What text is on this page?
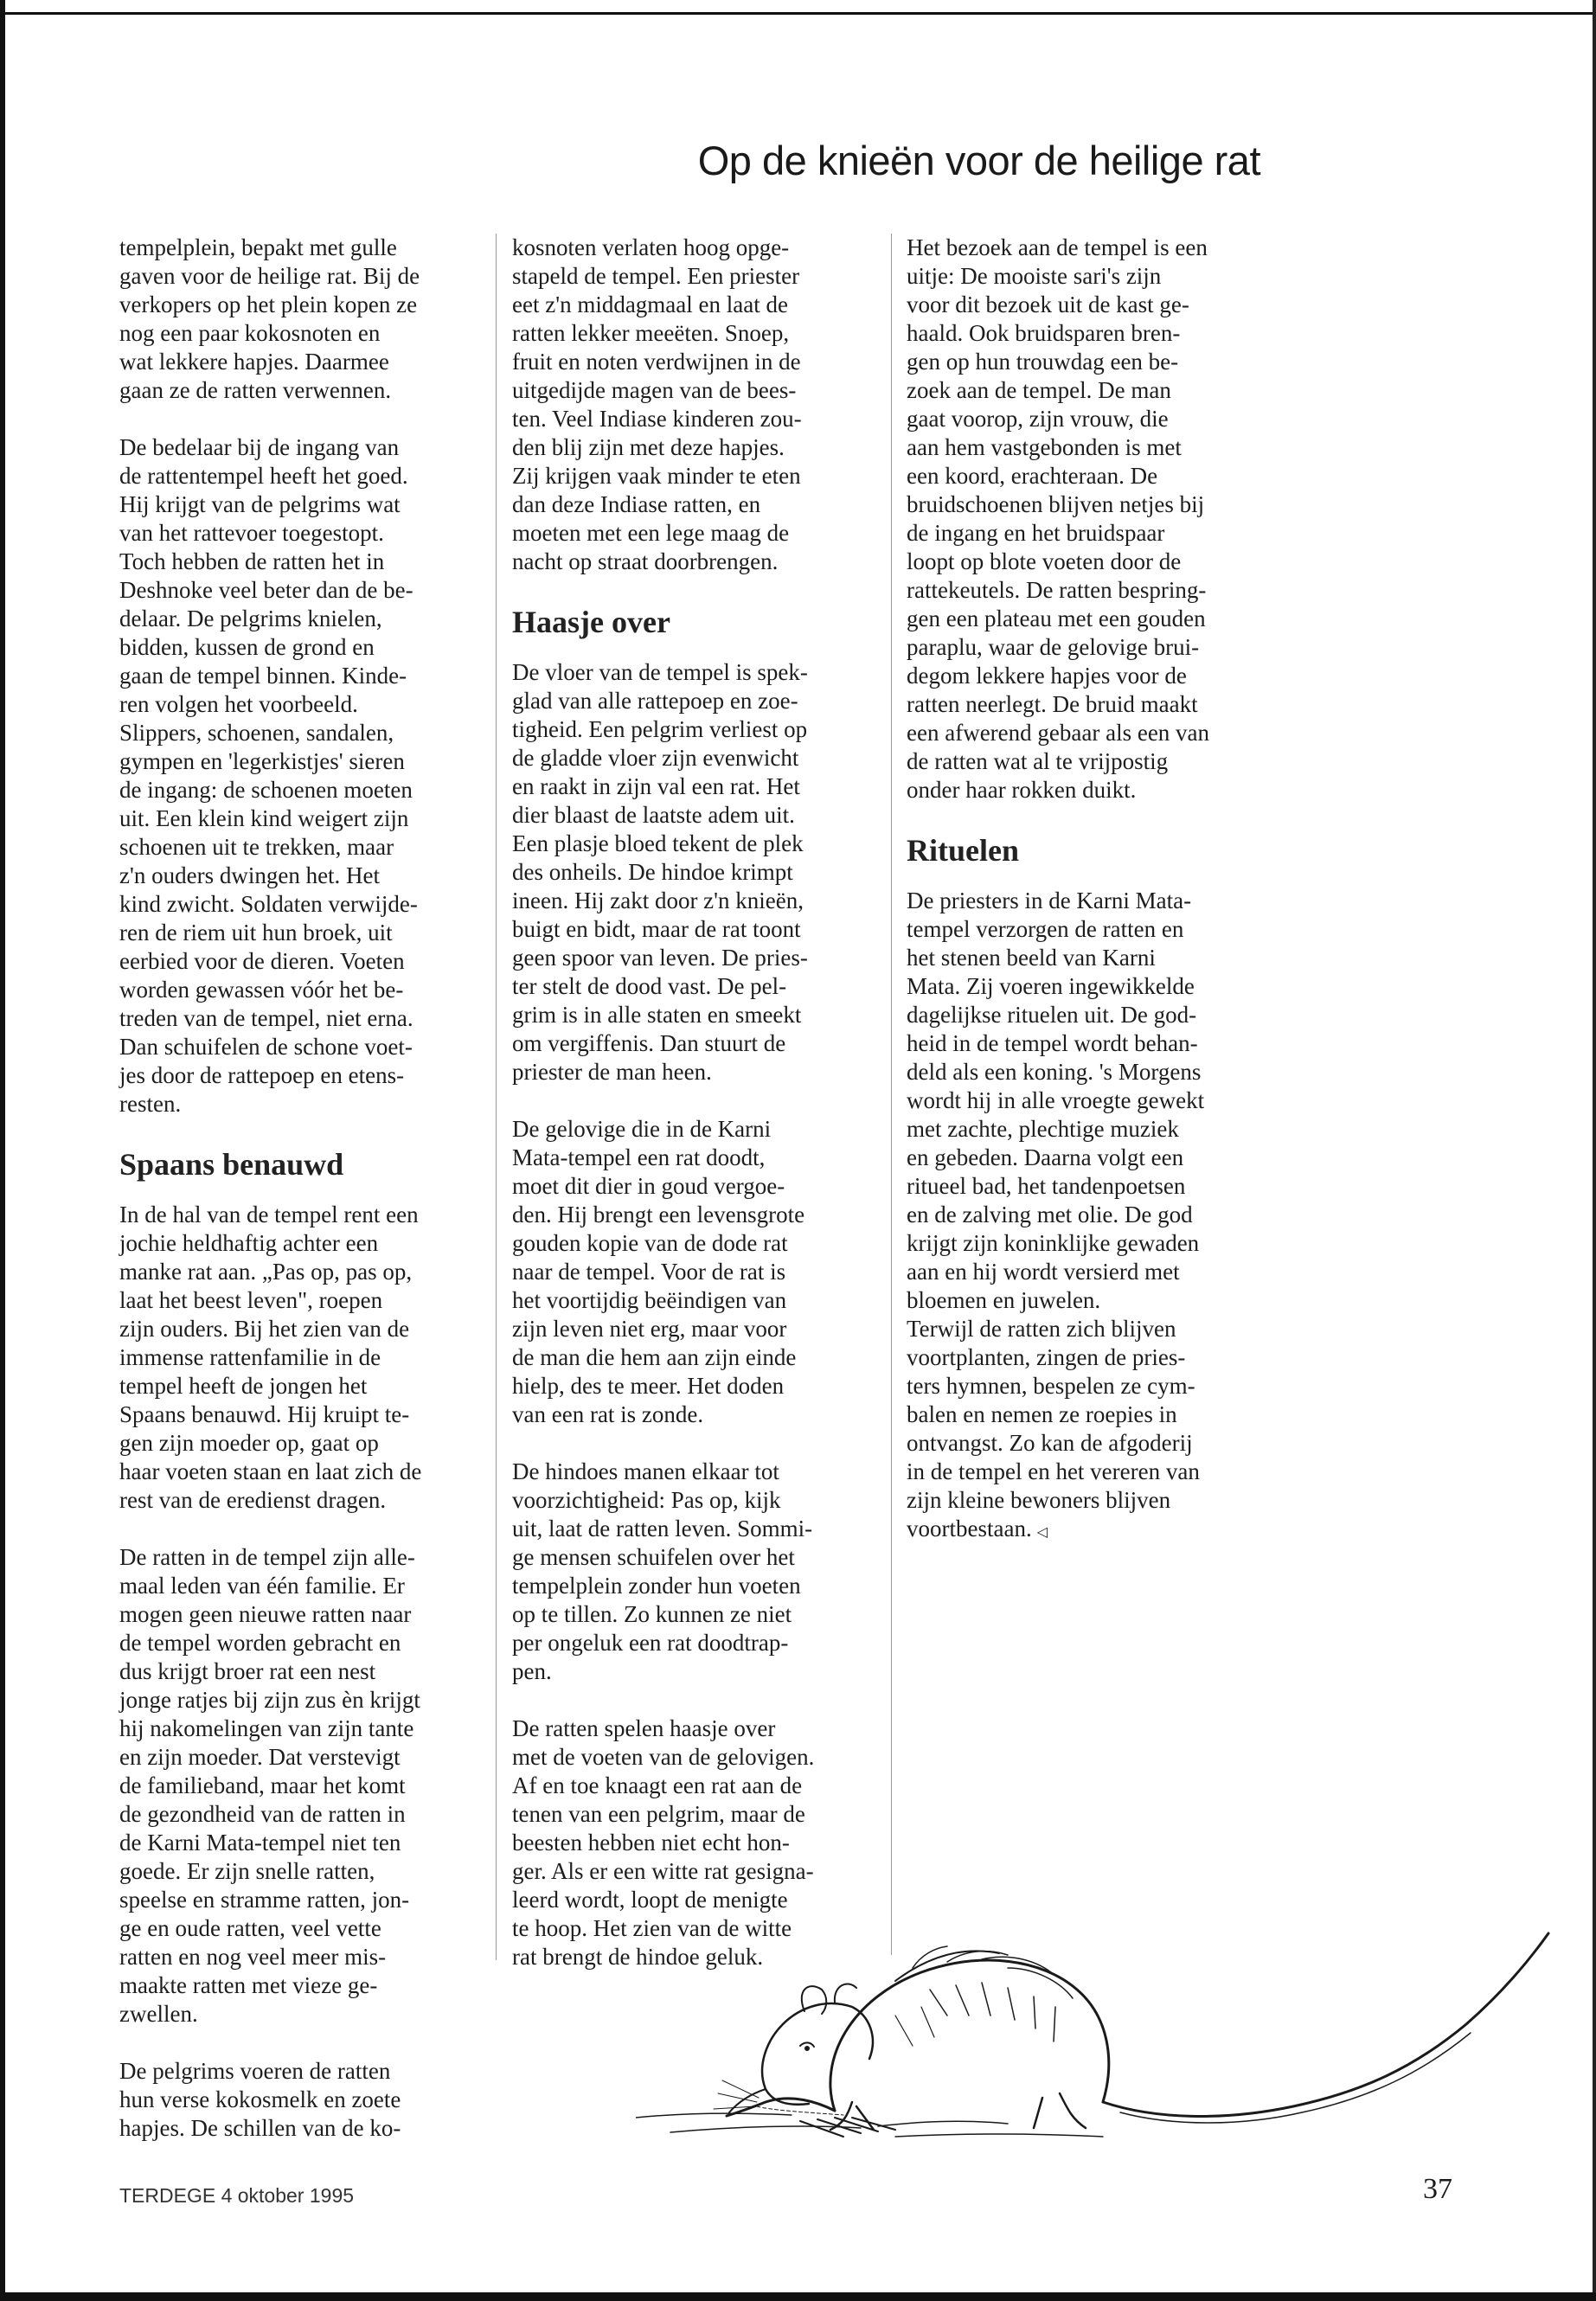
Op de knieën voor de heilige rat

tempelplein, bepakt met gulle
gaven voor de heilige rat. Bij de
verkopers op het plein kopen ze
nog een paar kokosnoten en
wat lekkere hapjes. Daarmee
gaan ze de ratten verwennen.

De bedelaar bij de ingang van
de rattentempel heeft het goed.
Hij krijgt van de pelgrims wat
van het rattevoer toegestopt.
Toch hebben de ratten het in
Deshnoke veel beter dan de be-
delaar. De pelgrims knielen,
bidden, kussen de grond en
gaan de tempel binnen. Kinde-
ren volgen het voorbeeld.
Slippers, schoenen, sandalen,
gympen en 'legerkistjes' sieren
de ingang: de schoenen moeten
uit. Een klein kind weigert zijn
schoenen uit te trekken, maar
z'n ouders dwingen het. Het
kind zwicht. Soldaten verwijde-
ren de riem uit hun broek, uit
eerbied voor de dieren. Voeten
worden gewassen vóór het be-
treden van de tempel, niet erna.
Dan schuifelen de schone voet-
jes door de rattepoep en etens-
resten.

Spaans benauwd

In de hal van de tempel rent een
jochie heldhaftig achter een
manke rat aan. „Pas op, pas op,
laat het beest leven", roepen
zijn ouders. Bij het zien van de
immense rattenfamilie in de
tempel heeft de jongen het
Spaans benauwd. Hij kruipt te-
gen zijn moeder op, gaat op
haar voeten staan en laat zich de
rest van de eredienst dragen.

De ratten in de tempel zijn alle-
maal leden van één familie. Er
mogen geen nieuwe ratten naar
de tempel worden gebracht en
dus krijgt broer rat een nest
jonge ratjes bij zijn zus èn krijgt
hij nakomelingen van zijn tante
en zijn moeder. Dat verstevigt
de familieband, maar het komt
de gezondheid van de ratten in
de Karni Mata-tempel niet ten
goede. Er zijn snelle ratten,
speelse en stramme ratten, jon-
ge en oude ratten, veel vette
ratten en nog veel meer mis-
maakte ratten met vieze ge-
zwellen.

De pelgrims voeren de ratten
hun verse kokosmelk en zoete
hapjes. De schillen van de ko-

kosnoten verlaten hoog opge-
stapeld de tempel. Een priester
eet z'n middagmaal en laat de
ratten lekker meeëten. Snoep,
fruit en noten verdwijnen in de
uitgedijde magen van de bees-
ten. Veel Indiase kinderen zou-
den blij zijn met deze hapjes.
Zij krijgen vaak minder te eten
dan deze Indiase ratten, en
moeten met een lege maag de
nacht op straat doorbrengen.

Haasje over

De vloer van de tempel is spek-
glad van alle rattepoep en zoe-
tigheid. Een pelgrim verliest op
de gladde vloer zijn evenwicht
en raakt in zijn val een rat. Het
dier blaast de laatste adem uit.
Een plasje bloed tekent de plek
des onheils. De hindoe krimpt
ineen. Hij zakt door z'n knieën,
buigt en bidt, maar de rat toont
geen spoor van leven. De pries-
ter stelt de dood vast. De pel-
grim is in alle staten en smeekt
om vergiffenis. Dan stuurt de
priester de man heen.

De gelovige die in de Karni
Mata-tempel een rat doodt,
moet dit dier in goud vergoe-
den. Hij brengt een levensgrote
gouden kopie van de dode rat
naar de tempel. Voor de rat is
het voortijdig beëindigen van
zijn leven niet erg, maar voor
de man die hem aan zijn einde
hielp, des te meer. Het doden
van een rat is zonde.

De hindoes manen elkaar tot
voorzichtigheid: Pas op, kijk
uit, laat de ratten leven. Sommi-
ge mensen schuifelen over het
tempelplein zonder hun voeten
op te tillen. Zo kunnen ze niet
per ongeluk een rat doodtrap-
pen.

De ratten spelen haasje over
met de voeten van de gelovigen.
Af en toe knaagt een rat aan de
tenen van een pelgrim, maar de
beesten hebben niet echt hon-
ger. Als er een witte rat gesigna-
leerd wordt, loopt de menigte
te hoop. Het zien van de witte
rat brengt de hindoe geluk.

Het bezoek aan de tempel is een
uitje: De mooiste sari's zijn
voor dit bezoek uit de kast ge-
haald. Ook bruidsparen bren-
gen op hun trouwdag een be-
zoek aan de tempel. De man
gaat voorop, zijn vrouw, die
aan hem vastgebonden is met
een koord, erachteraan. De
bruidschoenen blijven netjes bij
de ingang en het bruidspaar
loopt op blote voeten door de
rattekeutels. De ratten bespring-
gen een plateau met een gouden
paraplu, waar de gelovige brui-
degom lekkere hapjes voor de
ratten neerlegt. De bruid maakt
een afwerend gebaar als een van
de ratten wat al te vrijpostig
onder haar rokken duikt.

Rituelen

De priesters in de Karni Mata-
tempel verzorgen de ratten en
het stenen beeld van Karni
Mata. Zij voeren ingewikkelde
dagelijkse rituelen uit. De god-
heid in de tempel wordt behan-
deld als een koning. 's Morgens
wordt hij in alle vroegte gewekt
met zachte, plechtige muziek
en gebeden. Daarna volgt een
ritueel bad, het tandenpoetsen
en de zalving met olie. De god
krijgt zijn koninklijke gewaden
aan en hij wordt versierd met
bloemen en juwelen.

Terwijl de ratten zich blijven
voortplanten, zingen de pries-
ters hymnen, bespelen ze cym-
balen en nemen ze roepies in
ontvangst. Zo kan de afgoderij
in de tempel en het vereren van
zijn kleine bewoners blijven
voortbestaan. ◁

TERDEGE 4 oktober 1995	37
